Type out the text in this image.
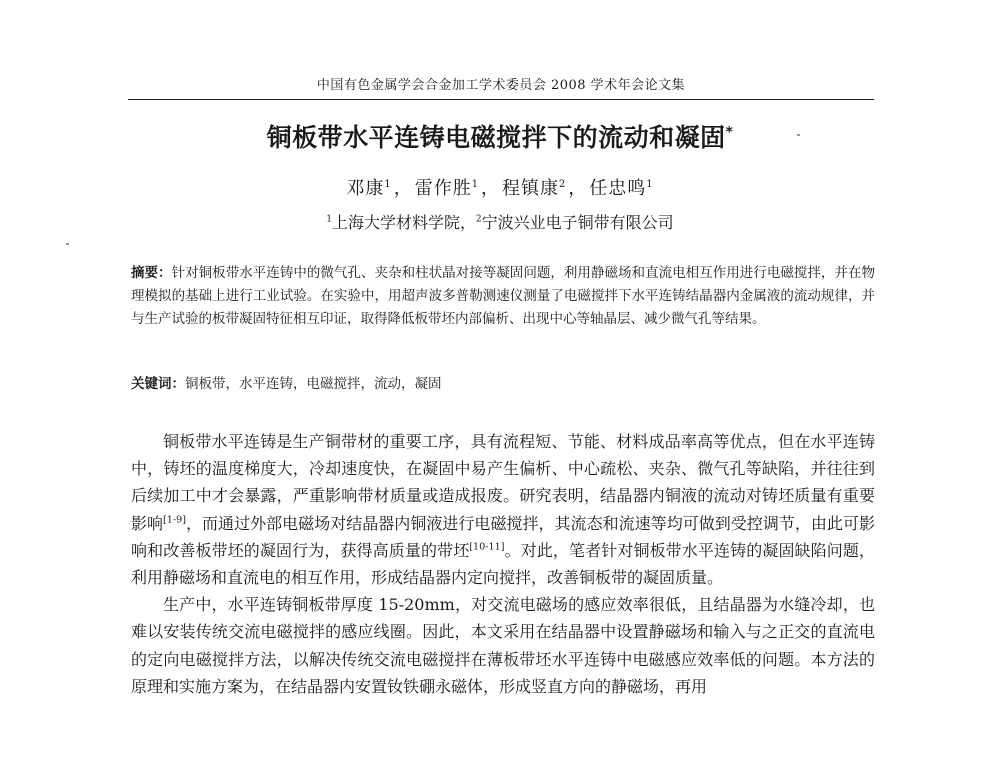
中国有色金属学会合金加工学术委员会 2008 学术年会论文集
铜板带水平连铸电磁搅拌下的流动和凝固*
邓康$^1$ ， 雷作胜$^1$ ， 程镇康$^2$ ， 任忠鸣$^1$
$^1$上海大学材料学院，$^2$宁波兴业电子铜带有限公司
摘要：针对铜板带水平连铸中的微气孔、夹杂和柱状晶对接等凝固问题，利用静磁场和直流电相互作用进行电磁搅拌，并在物理模拟的基础上进行工业试验。在实验中，用超声波多普勒测速仪测量了电磁搅拌下水平连铸结晶器内金属液的流动规律，并与生产试验的板带凝固特征相互印证，取得降低板带坯内部偏析、出现中心等轴晶层、减少微气孔等结果。
关键词：铜板带，水平连铸，电磁搅拌，流动，凝固

铜板带水平连铸是生产铜带材的重要工序，具有流程短、节能、材料成品率高等优点，但在水平连铸中，铸坯的温度梯度大，冷却速度快，在凝固中易产生偏析、中心疏松、夹杂、微气孔等缺陷，并往往到后续加工中才会暴露，严重影响带材质量或造成报废。研究表明，结晶器内铜液的流动对铸坯质量有重要影响[1-9]，而通过外部电磁场对结晶器内铜液进行电磁搅拌，其流态和流速等均可做到受控调节，由此可影响和改善板带坯的凝固行为，获得高质量的带坯[10-11]。对此，笔者针对铜板带水平连铸的凝固缺陷问题，利用静磁场和直流电的相互作用，形成结晶器内定向搅拌，改善铜板带的凝固质量。

生产中，水平连铸铜板带厚度 15-20mm，对交流电磁场的感应效率很低，且结晶器为水缝冷却，也难以安装传统交流电磁搅拌的感应线圈。因此，本文采用在结晶器中设置静磁场和输入与之正交的直流电的定向电磁搅拌方法，以解决传统交流电磁搅拌在薄板带坯水平连铸中电磁感应效率低的问题。本方法的原理和实施方案为，在结晶器内安置钕铁硼永磁体，形成竖直方向的静磁场，再用
